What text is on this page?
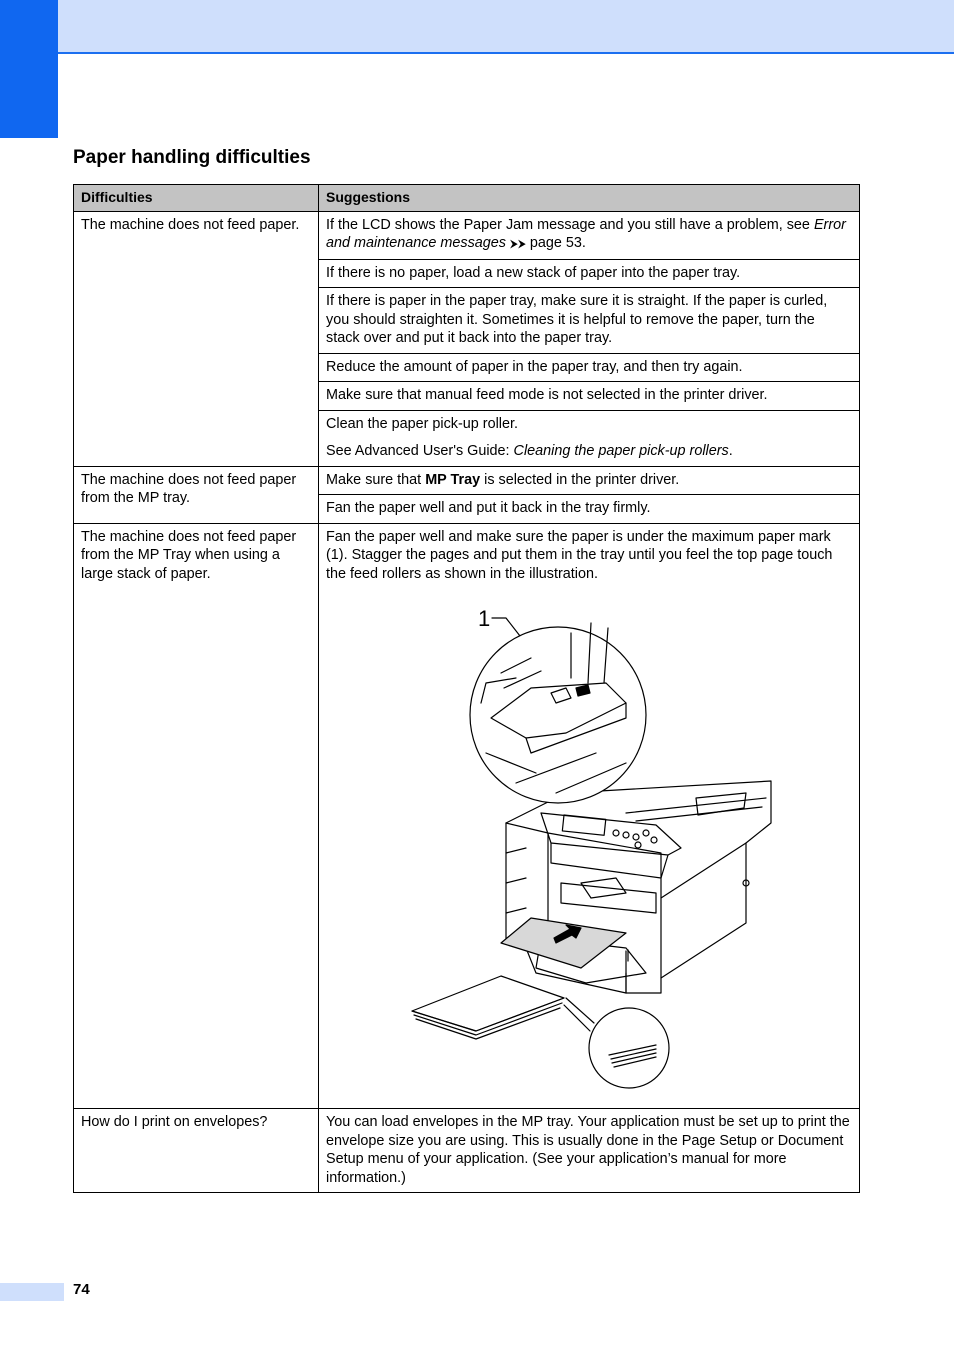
Paper handling difficulties
Difficulties	Suggestions
The machine does not feed paper.	If the LCD shows the Paper Jam message and you still have a problem, see Error and maintenance messages ⮞⮞ page 53.
	If there is no paper, load a new stack of paper into the paper tray.
	If there is paper in the paper tray, make sure it is straight. If the paper is curled, you should straighten it. Sometimes it is helpful to remove the paper, turn the stack over and put it back into the paper tray.
	Reduce the amount of paper in the paper tray, and then try again.
	Make sure that manual feed mode is not selected in the printer driver.

	Clean the paper pick-up roller.
See Advanced User's Guide: Cleaning the paper pick-up rollers.

The machine does not feed paper from the MP tray.	Make sure that MP Tray is selected in the printer driver.
	Fan the paper well and put it back in the tray firmly.
The machine does not feed paper from the MP Tray when using a large stack of paper.	Fan the paper well and make sure the paper is under the maximum paper mark (1). Stagger the pages and put them in the tray until you feel the top page touch the feed rollers as shown in the illustration.
1

How do I print on envelopes?	You can load envelopes in the MP tray. Your application must be set up to print the envelope size you are using. This is usually done in the Page Setup or Document Setup menu of your application. (See your application’s manual for more information.)
74
